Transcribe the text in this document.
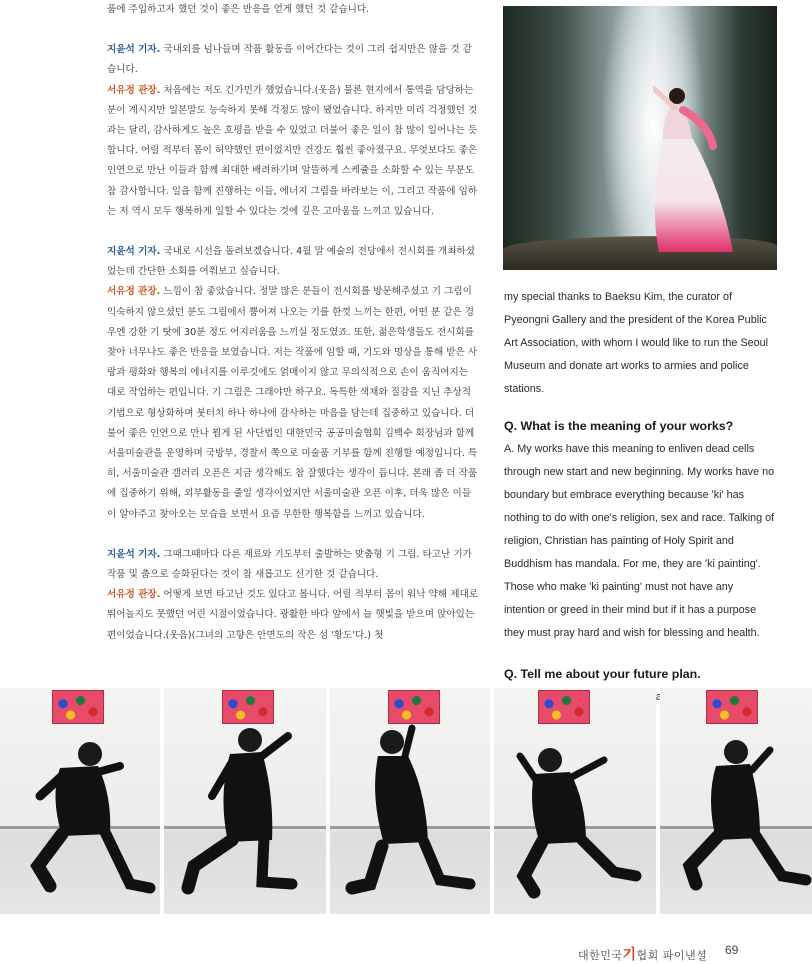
품에 주입하고자 했던 것이 좋은 반응을 얻게 했던 것 같습니다.

지윤석 기자. 국내외를 넘나들며 작품 활동을 이어간다는 것이 그리 쉽지만은 않을 것 같습니다.

서유정 관장. 처음에는 저도 긴가민가 했었습니다.(웃음) 물론 현지에서 통역을 담당하는 분이 계시지만 일본말도 능숙하지 못해 걱정도 많이 됐었습니다. 하지만 미리 걱정했던 것과는 달리, 감사하게도 높은 호평을 받을 수 있었고 더불어 좋은 일이 참 많이 일어나는 듯 합니다. 어릴 적부터 몸이 허약했던 편이었지만 건강도 훨씬 좋아졌구요. 무엇보다도 좋은 인연으로 만난 이들과 함께 최대한 배려하기며 알뜰하게 스케쥴을 소화할 수 있는 부분도 참 감사합니다. 일을 함께 진행하는 이들, 에너지 그림을 바라보는 이, 그리고 작품에 임하는 저 역시 모두 행복하게 일할 수 있다는 것에 깊은 고마움을 느끼고 있습니다.

지윤석 기자. 국내로 시선을 돌려보겠습니다. 4월 말 예술의 전당에서 전시회를 개최하셨었는데 간단한 소회를 여쭤보고 싶습니다.

서유정 관장. 느낌이 참 좋았습니다. 정말 많은 분들이 전시회를 방문해주셨고 기 그림이 익숙하지 않으셨던 분도 그림에서 뿜어져 나오는 기를 한껏 느끼는 한편, 어떤 분 같은 경우엔 강한 기 탓에 30분 정도 어지러움을 느끼실 정도였죠. 또한, 젊은학생들도 전시회를 찾아 너무나도 좋은 반응을 보였습니다. 저는 작품에 임할 때, 기도와 명상을 통해 받은 사랑과 평화와 행복의 에너지를 이루것에도 얽매이지 않고 무의식적으로 손이 움직여지는 대로 작업하는 편입니다. 기 그림은 그래야만 하구요. 독특한 색채와 질감을 지닌 추상적 기법으로 형상화하며 붓터치 하나 하나에 감사하는 마음을 담는데 집중하고 있습니다. 더불어 좋은 인연으로 만나 뵙게 된 사단법인 대한민국 공공미술협회 김백수 회장님과 함께 서울미술관을 운영하며 국방부, 경찰서 쪽으로 미술품 기부를 함께 진행할 예정입니다. 특히, 서울미술관 갤러리 오픈은 지금 생각해도 참 잘했다는 생각이 듭니다. 본래 좀 더 작품 에 집중하기 위해, 외부활동을 줄일 생각이었지만 서울미술관 오픈 이후, 더욱 많은 이들이 알아주고 찾아오는 모습을 보면서 요즘 무한한 행복함을 느끼고 있습니다.

지윤석 기자. 그때그때마다 다른 재료와 기도부터 출발하는 맞춤형 기 그림. 타고난 기가 작품 및 춤으로 승화된다는 것이 참 새롭고도 신기한 것 같습니다.

서유정 관장. 어떻게 보면 타고난 것도 있다고 봅니다. 어릴 적부터 몸이 워낙 약해 제대로 뛰어놀지도 못했던 어린 시절이었습니다. 광활한 바다 앞에서 늘 햇빛을 받으며 앉아있는 편이었습니다.(웃음)(그녀의 고향은 안면도의 작은 섬 '황도'다.) 첫

my special thanks to Baeksu Kim, the curator of Pyeongni Gallery and the president of the Korea Public Art Association, with whom I would like to run the Seoul Museum and donate art works to armies and police stations.

Q. What is the meaning of your works?

A. My works have this meaning to enliven dead cells through new start and new beginning. My works have no boundary but embrace everything because 'ki' has nothing to do with one's religion, sex and race. Talking of religion, Christian has painting of Holy Spirit and Buddhism has mandala. For me, they are 'ki painting'. Those who make 'ki painting' must not have any intention or greed in their mind but if it has a purpose they must pray hard and wish for blessing and health.

Q. Tell me about your future plan.

대한민국기협회 파이낸셜 69
